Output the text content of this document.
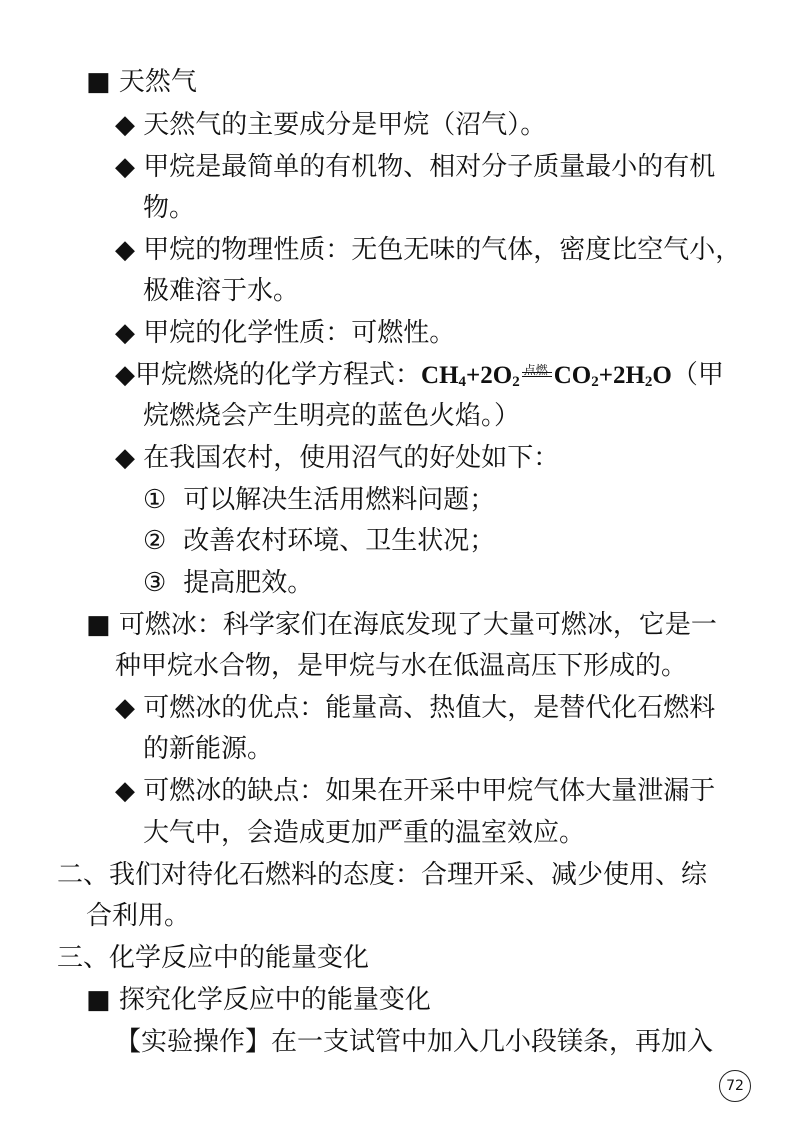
■ 天然气
◆ 天然气的主要成分是甲烷（沼气）。
◆ 甲烷是最简单的有机物、相对分子质量最小的有机
物。
◆ 甲烷的物理性质：无色无味的气体，密度比空气小，
极难溶于水。
◆ 甲烷的化学性质：可燃性。
◆甲烷燃烧的化学方程式：$CH_4+2O_2$
点燃 $CO_2+2H_2O$（甲
烷燃烧会产生明亮的蓝色火焰。）
◆ 在我国农村，使用沼气的好处如下：
① 可以解决生活用燃料问题；
② 改善农村环境、卫生状况；
③ 提高肥效。
■ 可燃冰：科学家们在海底发现了大量可燃冰，它是一
种甲烷水合物，是甲烷与水在低温高压下形成的。
◆ 可燃冰的优点：能量高、热值大，是替代化石燃料
的新能源。
◆ 可燃冰的缺点：如果在开采中甲烷气体大量泄漏于
大气中，会造成更加严重的温室效应。
二、我们对待化石燃料的态度：合理开采、减少使用、综
合利用。
三、化学反应中的能量变化
■ 探究化学反应中的能量变化
【实验操作】在一支试管中加入几小段镁条，再加入
72
